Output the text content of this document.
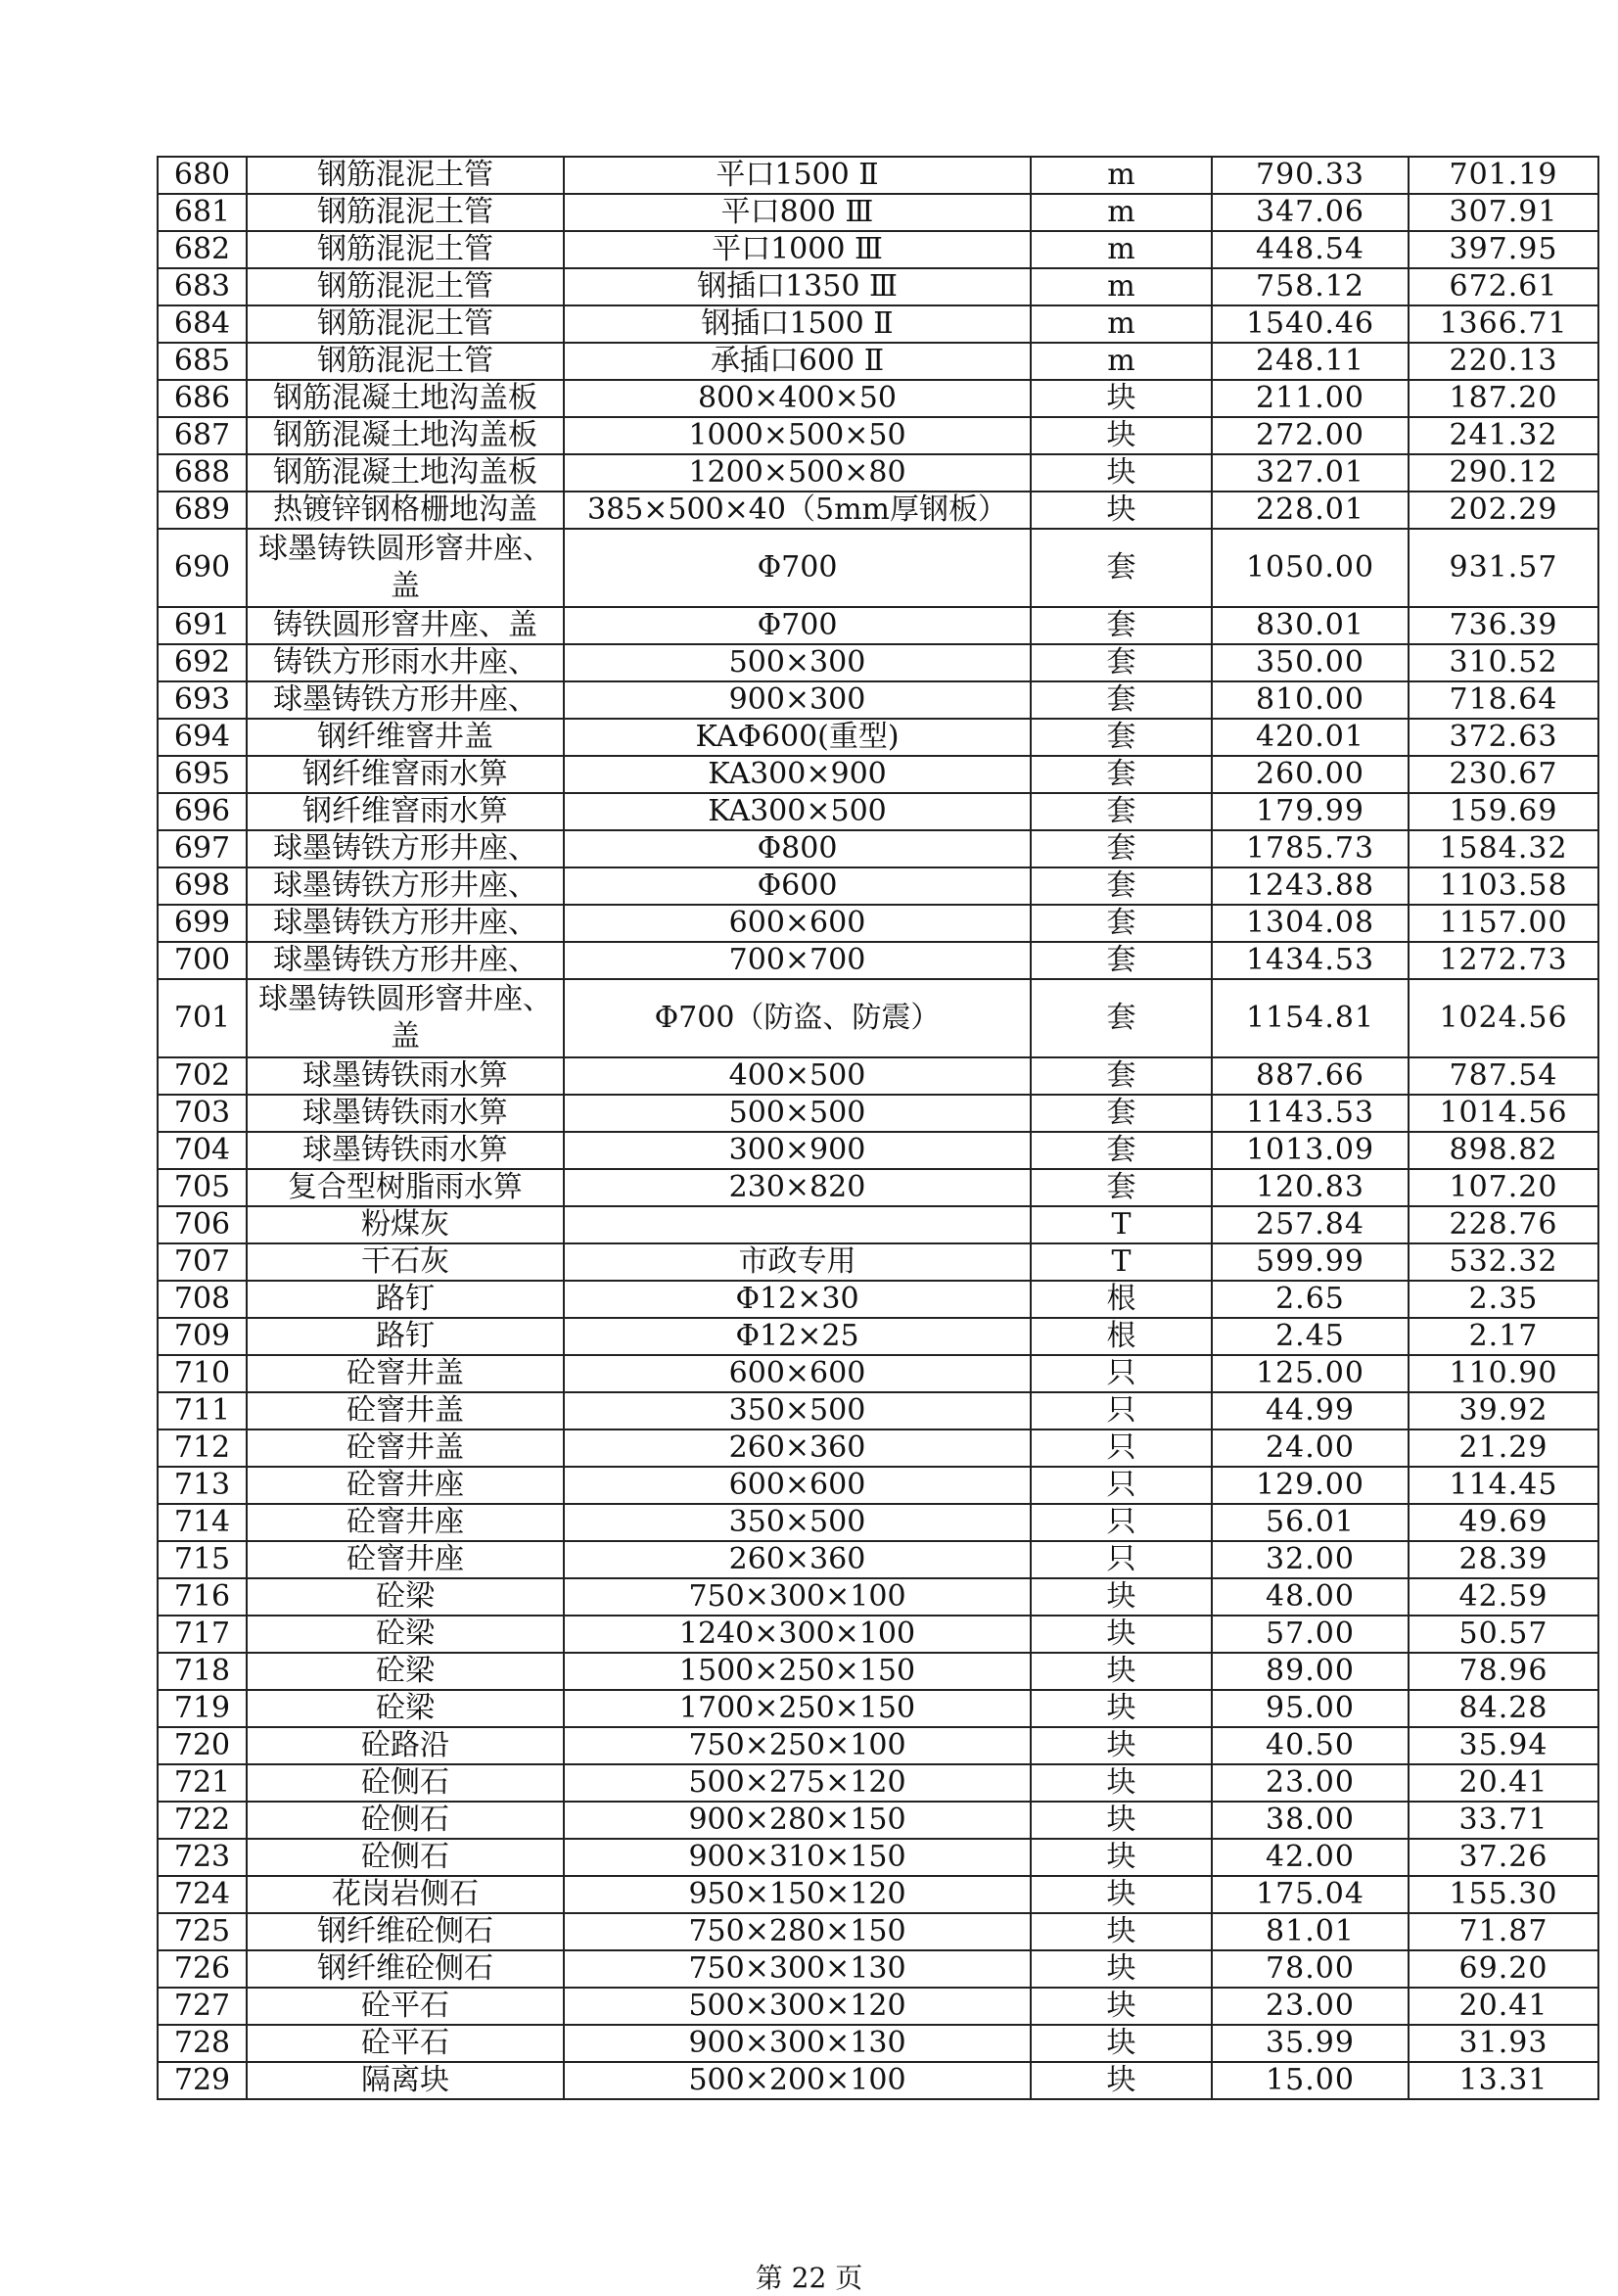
680	钢筋混泥土管	平口1500 Ⅱ	m	790.33	701.19
681	钢筋混泥土管	平口800 Ⅲ	m	347.06	307.91
682	钢筋混泥土管	平口1000 Ⅲ	m	448.54	397.95
683	钢筋混泥土管	钢插口1350 Ⅲ	m	758.12	672.61
684	钢筋混泥土管	钢插口1500 Ⅱ	m	1540.46	1366.71
685	钢筋混泥土管	承插口600 Ⅱ	m	248.11	220.13
686	钢筋混凝土地沟盖板	800×400×50	块	211.00	187.20
687	钢筋混凝土地沟盖板	1000×500×50	块	272.00	241.32
688	钢筋混凝土地沟盖板	1200×500×80	块	327.01	290.12
689	热镀锌钢格栅地沟盖	385×500×40（5mm厚钢板）	块	228.01	202.29
690	球墨铸铁圆形窨井座、盖	Φ700	套	1050.00	931.57
691	铸铁圆形窨井座、盖	Φ700	套	830.01	736.39
692	铸铁方形雨水井座、	500×300	套	350.00	310.52
693	球墨铸铁方形井座、	900×300	套	810.00	718.64
694	钢纤维窨井盖	KAΦ600(重型)	套	420.01	372.63
695	钢纤维窨雨水箅	KA300×900	套	260.00	230.67
696	钢纤维窨雨水箅	KA300×500	套	179.99	159.69
697	球墨铸铁方形井座、	Φ800	套	1785.73	1584.32
698	球墨铸铁方形井座、	Φ600	套	1243.88	1103.58
699	球墨铸铁方形井座、	600×600	套	1304.08	1157.00
700	球墨铸铁方形井座、	700×700	套	1434.53	1272.73
701	球墨铸铁圆形窨井座、盖	Φ700（防盗、防震）	套	1154.81	1024.56
702	球墨铸铁雨水箅	400×500	套	887.66	787.54
703	球墨铸铁雨水箅	500×500	套	1143.53	1014.56
704	球墨铸铁雨水箅	300×900	套	1013.09	898.82
705	复合型树脂雨水箅	230×820	套	120.83	107.20
706	粉煤灰		T	257.84	228.76
707	干石灰	市政专用	T	599.99	532.32
708	路钉	Φ12×30	根	2.65	2.35
709	路钉	Φ12×25	根	2.45	2.17
710	砼窨井盖	600×600	只	125.00	110.90
711	砼窨井盖	350×500	只	44.99	39.92
712	砼窨井盖	260×360	只	24.00	21.29
713	砼窨井座	600×600	只	129.00	114.45
714	砼窨井座	350×500	只	56.01	49.69
715	砼窨井座	260×360	只	32.00	28.39
716	砼梁	750×300×100	块	48.00	42.59
717	砼梁	1240×300×100	块	57.00	50.57
718	砼梁	1500×250×150	块	89.00	78.96
719	砼梁	1700×250×150	块	95.00	84.28
720	砼路沿	750×250×100	块	40.50	35.94
721	砼侧石	500×275×120	块	23.00	20.41
722	砼侧石	900×280×150	块	38.00	33.71
723	砼侧石	900×310×150	块	42.00	37.26
724	花岗岩侧石	950×150×120	块	175.04	155.30
725	钢纤维砼侧石	750×280×150	块	81.01	71.87
726	钢纤维砼侧石	750×300×130	块	78.00	69.20
727	砼平石	500×300×120	块	23.00	20.41
728	砼平石	900×300×130	块	35.99	31.93
729	隔离块	500×200×100	块	15.00	13.31
第 22 页
